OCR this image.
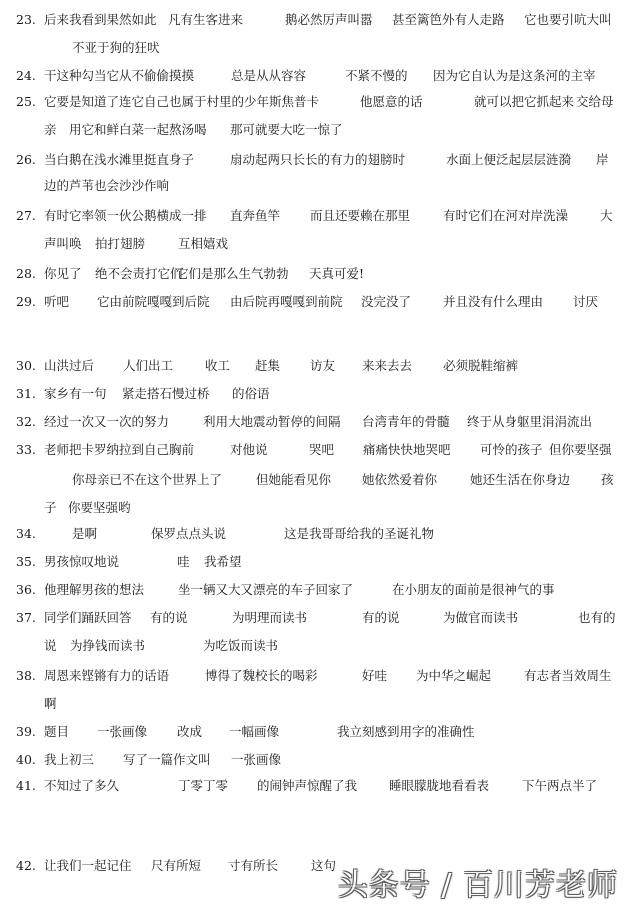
23. 后来我看到果然如此 凡有生客进来	鹅必然厉声叫嚣 甚至篱笆外有人走路 它也要引吭大叫
不亚于狗的狂吠
24. 干这种勾当它从不偷偷摸摸	总是从从容容	不紧不慢的 因为它自认为是这条河的主宰
25. 它要是知道了连它自己也属于村里的少年斯焦普卡	他愿意的话	就可以把它抓起来 交给母
亲 用它和鲜白菜一起熬汤喝 那可就要大吃一惊了
26. 当白鹅在浅水滩里挺直身子	扇动起两只长长的有力的翅膀时	水面上便泛起层层涟漪 岸
边的芦苇也会沙沙作响
27. 有时它率领一伙公鹅横成一排 直奔鱼竿 而且还要赖在那里	有时它们在河对岸洗澡	大
声叫唤 拍打翅膀	互相嬉戏
28. 你见了 绝不会责打它们
它们是那么生气勃勃 天真可爱!
29. 听吧 它由前院嘎嘎到后院 由后院再嘎嘎到前院 没完没了	并且没有什么理由 讨厌
30. 山洪过后 人们出工	收工 赶集 访友 来来去去 必须脱鞋缩裤
31. 家乡有一句 紧走搭石慢过桥 的俗语
32. 经过一次又一次的努力	利用大地震动暂停的间隔 台湾青年的骨髓 终于从身躯里涓涓流出
33. 老师把卡罗纳拉到自己胸前	对他说	哭吧 痛痛快快地哭吧 可怜的孩子 但你要坚强
你母亲已不在这个世界上了	但她能看见你 她依然爱着你	她还生活在你身边 孩
子 你要坚强哟
34.	是啊	保罗点点头说	这是我哥哥给我的圣诞礼物
35. 男孩惊叹地说	哇 我希望
36. 他理解男孩的想法	坐一辆又大又漂亮的车子回家了	在小朋友的面前是很神气的事
37. 同学们踊跃回答 有的说	为明理而读书	有的说	为做官而读书	也有的
说 为挣钱而读书	为吃饭而读书
38. 周恩来铿锵有力的话语	博得了魏校长的喝彩	好哇 为中华之崛起	有志者当效周生
啊
39. 题目 一张画像 改成 一幅画像	我立刻感到用字的准确性
40. 我上初三 写了一篇作文叫 一张画像
41. 不知过了多久	丁零丁零 的闹钟声惊醒了我	睡眼朦胧地看看表	下午两点半了
42. 让我们一起记住 尺有所短 寸有所长	这句
头条号 / 百川芳老师
